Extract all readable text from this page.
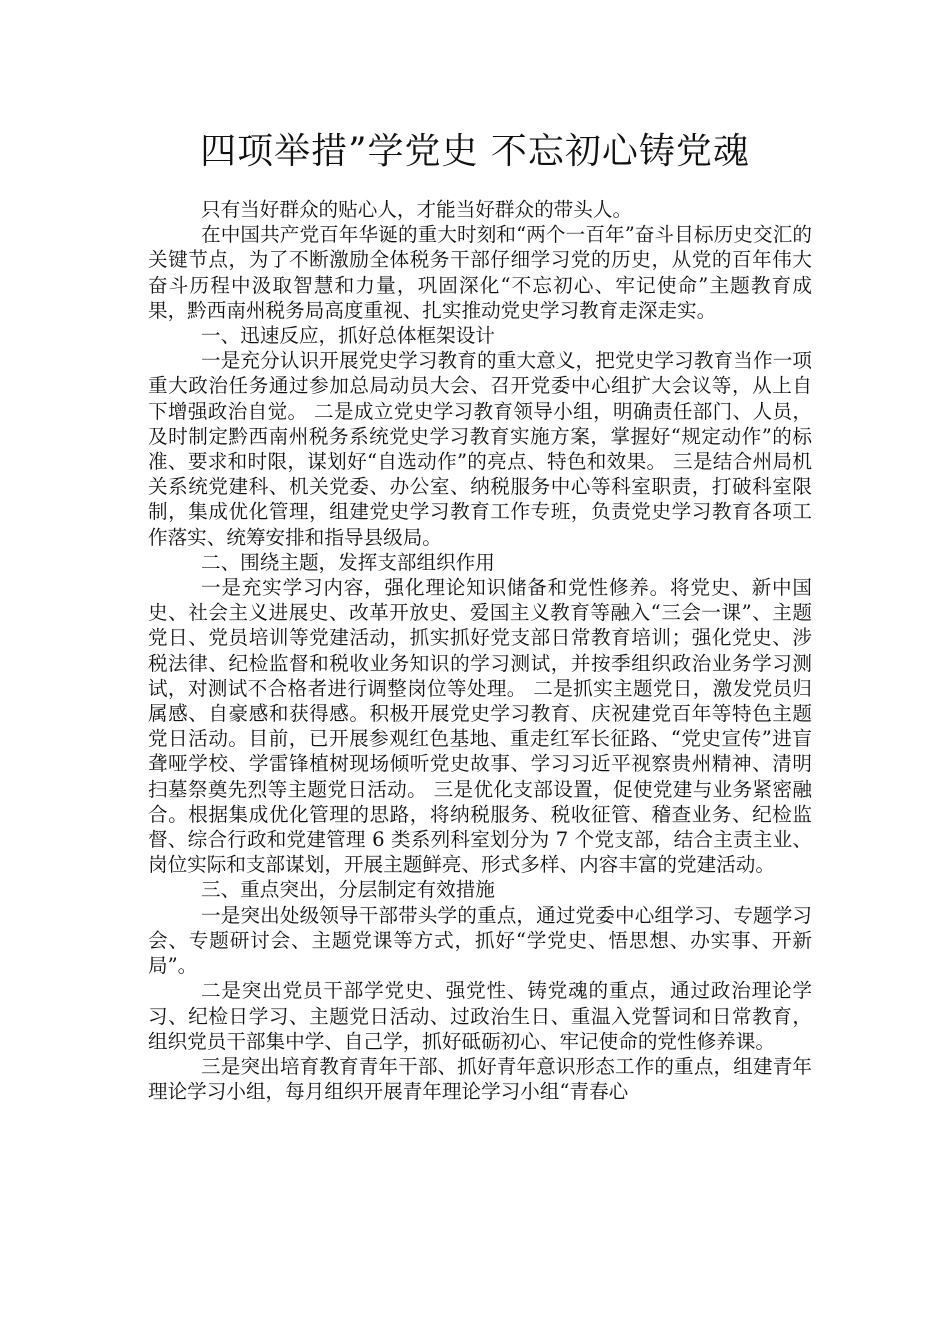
四项举措”学党史 不忘初心铸党魂

只有当好群众的贴心人，才能当好群众的带头人。

在中国共产党百年华诞的重大时刻和“两个一百年”奋斗目标历史交汇的关键节点，为了不断激励全体税务干部仔细学习党的历史，从党的百年伟大奋斗历程中汲取智慧和力量，巩固深化“不忘初心、牢记使命”主题教育成果，黔西南州税务局高度重视、扎实推动党史学习教育走深走实。

一、迅速反应，抓好总体框架设计

一是充分认识开展党史学习教育的重大意义，把党史学习教育当作一项重大政治任务通过参加总局动员大会、召开党委中心组扩大会议等，从上自下增强政治自觉。 二是成立党史学习教育领导小组，明确责任部门、人员，及时制定黔西南州税务系统党史学习教育实施方案，掌握好“规定动作”的标准、要求和时限，谋划好“自选动作”的亮点、特色和效果。 三是结合州局机关系统党建科、机关党委、办公室、纳税服务中心等科室职责，打破科室限制，集成优化管理，组建党史学习教育工作专班，负责党史学习教育各项工作落实、统筹安排和指导县级局。

二、围绕主题，发挥支部组织作用

一是充实学习内容，强化理论知识储备和党性修养。将党史、新中国史、社会主义进展史、改革开放史、爱国主义教育等融入“三会一课”、主题党日、党员培训等党建活动，抓实抓好党支部日常教育培训；强化党史、涉税法律、纪检监督和税收业务知识的学习测试，并按季组织政治业务学习测试，对测试不合格者进行调整岗位等处理。 二是抓实主题党日，激发党员归属感、自豪感和获得感。积极开展党史学习教育、庆祝建党百年等特色主题党日活动。目前，已开展参观红色基地、重走红军长征路、“党史宣传”进盲聋哑学校、学雷锋植树现场倾听党史故事、学习习近平视察贵州精神、清明扫墓祭奠先烈等主题党日活动。 三是优化支部设置，促使党建与业务紧密融合。根据集成优化管理的思路，将纳税服务、税收征管、稽查业务、纪检监督、综合行政和党建管理 6 类系列科室划分为 7 个党支部，结合主责主业、岗位实际和支部谋划，开展主题鲜亮、形式多样、内容丰富的党建活动。

三、重点突出，分层制定有效措施

一是突出处级领导干部带头学的重点，通过党委中心组学习、专题学习会、专题研讨会、主题党课等方式，抓好“学党史、悟思想、办实事、开新局”。

二是突出党员干部学党史、强党性、铸党魂的重点，通过政治理论学习、纪检日学习、主题党日活动、过政治生日、重温入党誓词和日常教育，组织党员干部集中学、自己学，抓好砥砺初心、牢记使命的党性修养课。

三是突出培育教育青年干部、抓好青年意识形态工作的重点，组建青年理论学习小组，每月组织开展青年理论学习小组“青春心
